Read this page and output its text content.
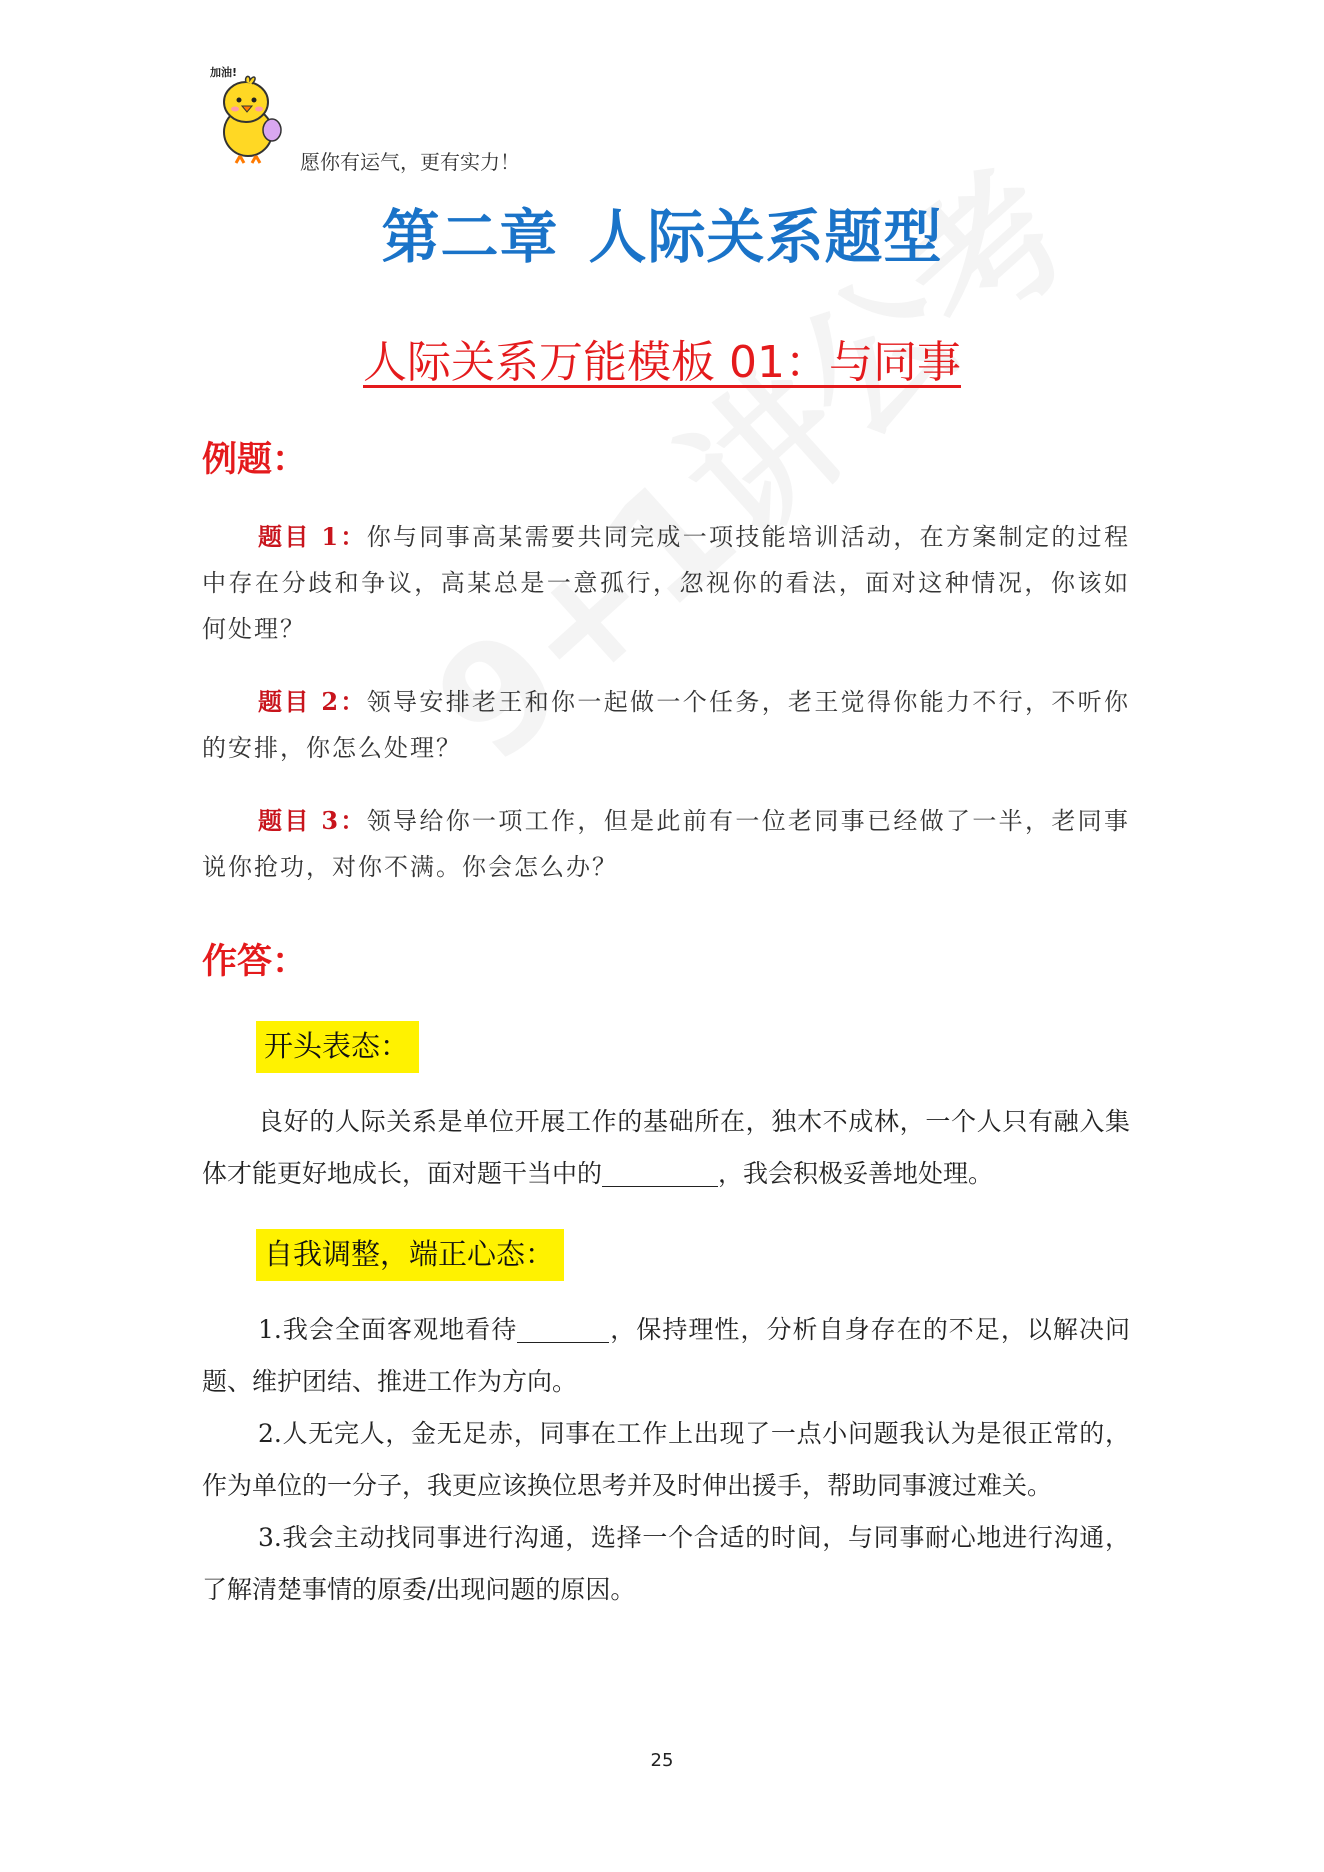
加油!
愿你有运气，更有实力！
第二章 人际关系题型
人际关系万能模板 01：与同事
例题：
题目 1：你与同事高某需要共同完成一项技能培训活动，在方案制定的过程中存在分歧和争议，高某总是一意孤行，忽视你的看法，面对这种情况，你该如何处理？
题目 2：领导安排老王和你一起做一个任务，老王觉得你能力不行，不听你的安排，你怎么处理？
题目 3：领导给你一项工作，但是此前有一位老同事已经做了一半，老同事说你抢功，对你不满。你会怎么办？
作答：
开头表态：
良好的人际关系是单位开展工作的基础所在，独木不成林，一个人只有融入集体才能更好地成长，面对题干当中的	，我会积极妥善地处理。
自我调整，端正心态：
1.我会全面客观地看待	，保持理性，分析自身存在的不足，以解决问题、维护团结、推进工作为方向。
2.人无完人，金无足赤，同事在工作上出现了一点小问题我认为是很正常的，作为单位的一分子，我更应该换位思考并及时伸出援手，帮助同事渡过难关。
3.我会主动找同事进行沟通，选择一个合适的时间，与同事耐心地进行沟通，了解清楚事情的原委/出现问题的原因。
25
